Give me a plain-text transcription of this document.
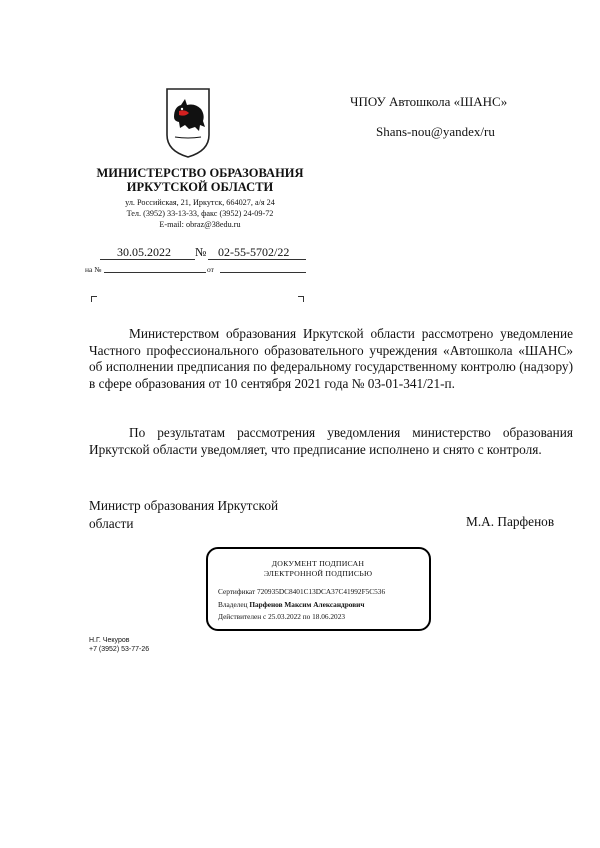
МИНИСТЕРСТВО ОБРАЗОВАНИЯ
ИРКУТСКОЙ ОБЛАСТИ
ул. Российская, 21, Иркутск, 664027, а/я 24
Тел. (3952) 33-13-33, факс (3952) 24-09-72
E-mail: obraz@38edu.ru
ЧПОУ Автошкола «ШАНС»
Shans-nou@yandex/ru
30.05.2022 № 02-55-5702/22
на №	от
Министерством образования Иркутской области рассмотрено уведомление Частного профессионального образовательного учреждения «Автошкола «ШАНС» об исполнении предписания по федеральному государственному контролю (надзору) в сфере образования от 10 сентября 2021 года № 03-01-341/21-п.
По результатам рассмотрения уведомления министерство образования Иркутской области уведомляет, что предписание исполнено и снято с контроля.
Министр образования Иркутской
области	М.А. Парфенов
ДОКУМЕНТ ПОДПИСАН
ЭЛЕКТРОННОЙ ПОДПИСЬЮ
Сертификат 720935DC8401C13DCA37C41992F5C536
Владелец Парфенов Максим Александрович
Действителен с 25.03.2022 по 18.06.2023
Н.Г. Чекуров
+7 (3952) 53-77-26
